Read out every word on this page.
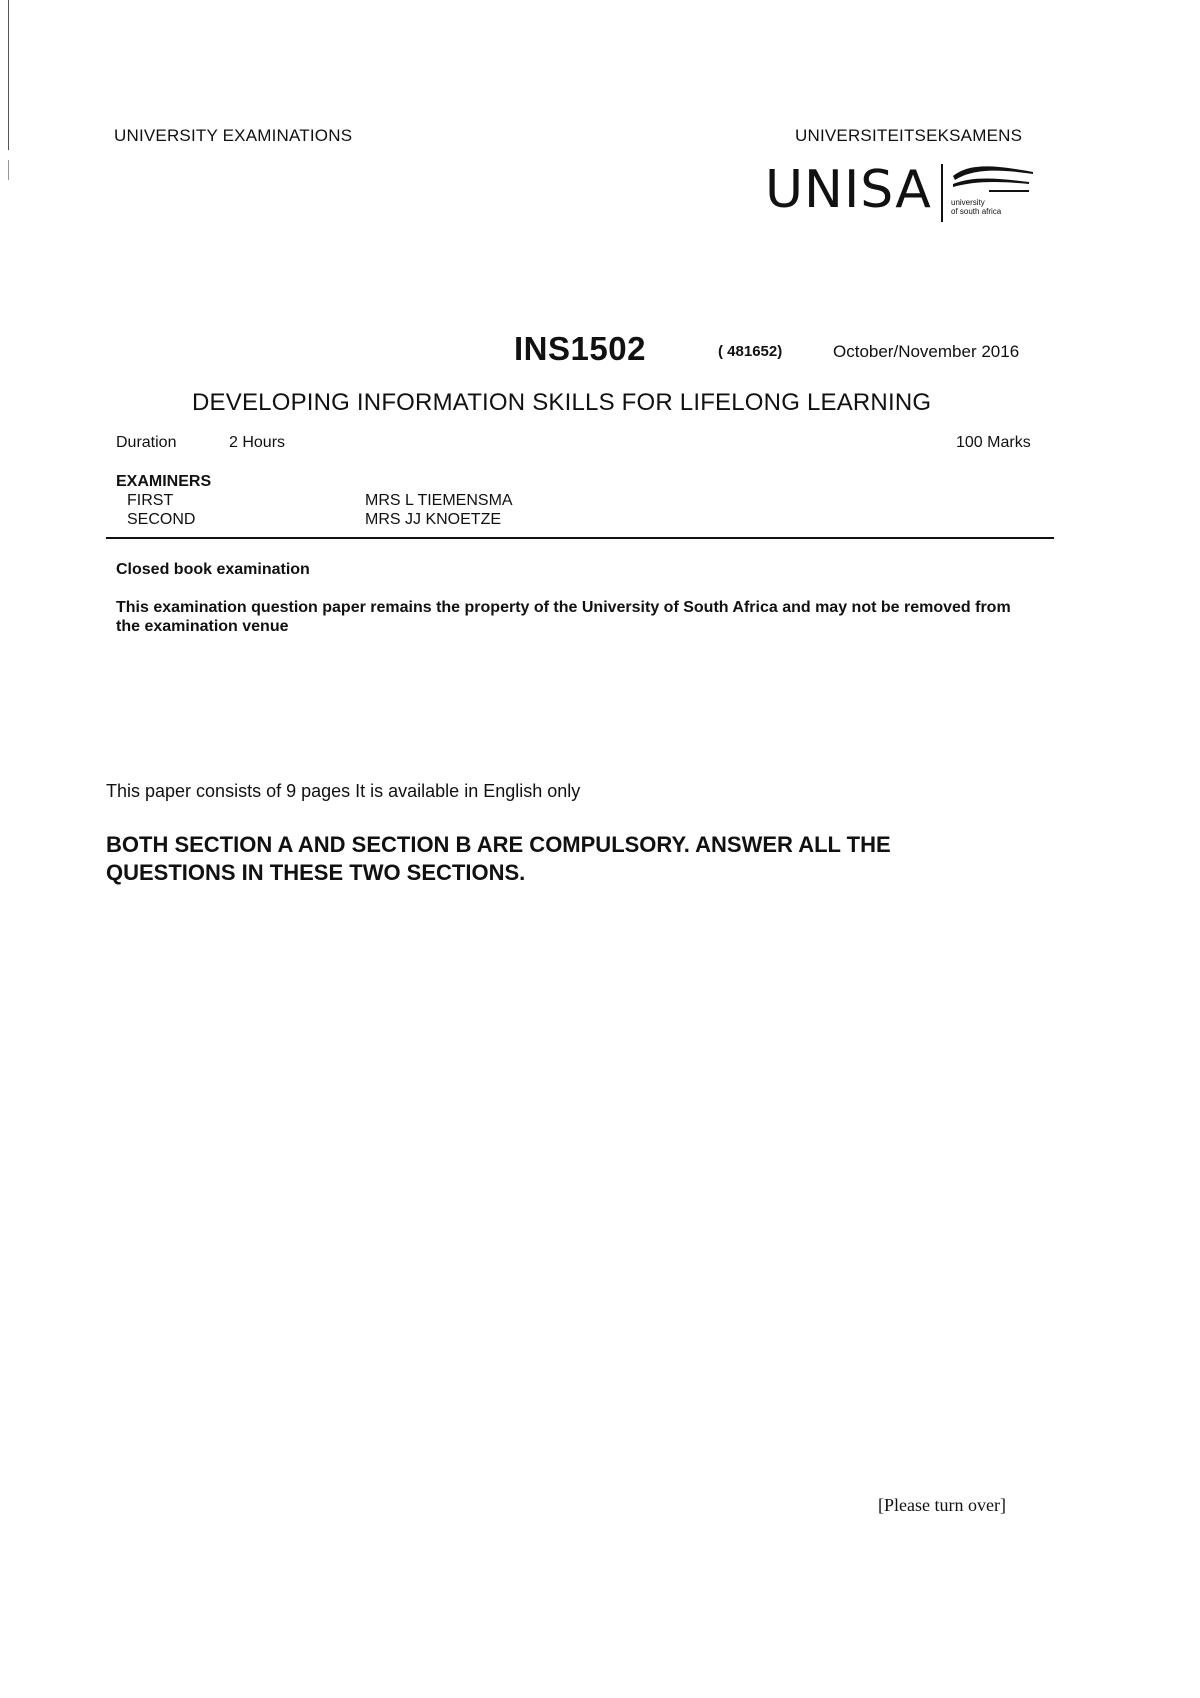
UNIVERSITY EXAMINATIONS	UNIVERSITEITSEKSAMENS
UNISA university
of south africa
INS1502	( 481652)	October/November 2016
DEVELOPING INFORMATION SKILLS FOR LIFELONG LEARNING
Duration	2 Hours	100 Marks
EXAMINERS
FIRST	MRS L TIEMENSMA
SECOND	MRS JJ KNOETZE
Closed book examination
This examination question paper remains the property of the University of South Africa and may not be removed from the examination venue
This paper consists of 9 pages It is available in English only
BOTH SECTION A AND SECTION B ARE COMPULSORY. ANSWER ALL THE QUESTIONS IN THESE TWO SECTIONS.
[Please turn over]
